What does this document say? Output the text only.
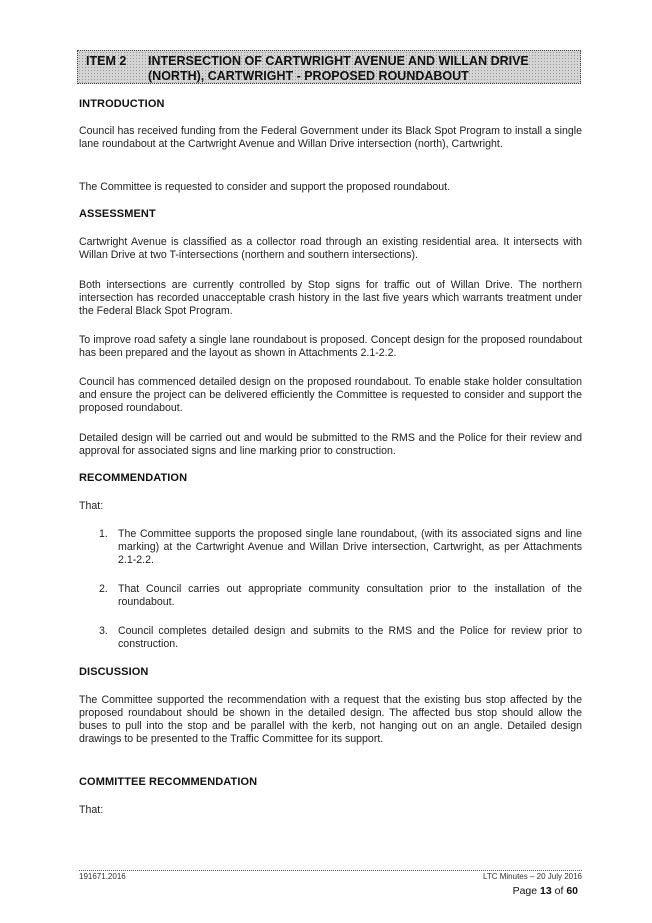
ITEM 2 INTERSECTION OF CARTWRIGHT AVENUE AND WILLAN DRIVE (NORTH), CARTWRIGHT - PROPOSED ROUNDABOUT
INTRODUCTION
Council has received funding from the Federal Government under its Black Spot Program to install a single lane roundabout at the Cartwright Avenue and Willan Drive intersection (north), Cartwright.
The Committee is requested to consider and support the proposed roundabout.
ASSESSMENT
Cartwright Avenue is classified as a collector road through an existing residential area. It intersects with Willan Drive at two T-intersections (northern and southern intersections).
Both intersections are currently controlled by Stop signs for traffic out of Willan Drive. The northern intersection has recorded unacceptable crash history in the last five years which warrants treatment under the Federal Black Spot Program.
To improve road safety a single lane roundabout is proposed. Concept design for the proposed roundabout has been prepared and the layout as shown in Attachments 2.1-2.2.
Council has commenced detailed design on the proposed roundabout. To enable stake holder consultation and ensure the project can be delivered efficiently the Committee is requested to consider and support the proposed roundabout.
Detailed design will be carried out and would be submitted to the RMS and the Police for their review and approval for associated signs and line marking prior to construction.
RECOMMENDATION
That:
1. The Committee supports the proposed single lane roundabout, (with its associated signs and line marking) at the Cartwright Avenue and Willan Drive intersection, Cartwright, as per Attachments 2.1-2.2.
2. That Council carries out appropriate community consultation prior to the installation of the roundabout.
3. Council completes detailed design and submits to the RMS and the Police for review prior to construction.
DISCUSSION
The Committee supported the recommendation with a request that the existing bus stop affected by the proposed roundabout should be shown in the detailed design. The affected bus stop should allow the buses to pull into the stop and be parallel with the kerb, not hanging out on an angle. Detailed design drawings to be presented to the Traffic Committee for its support.
COMMITTEE RECOMMENDATION
That:
191671.2016	LTC Minutes – 20 July 2016
Page 13 of 60
